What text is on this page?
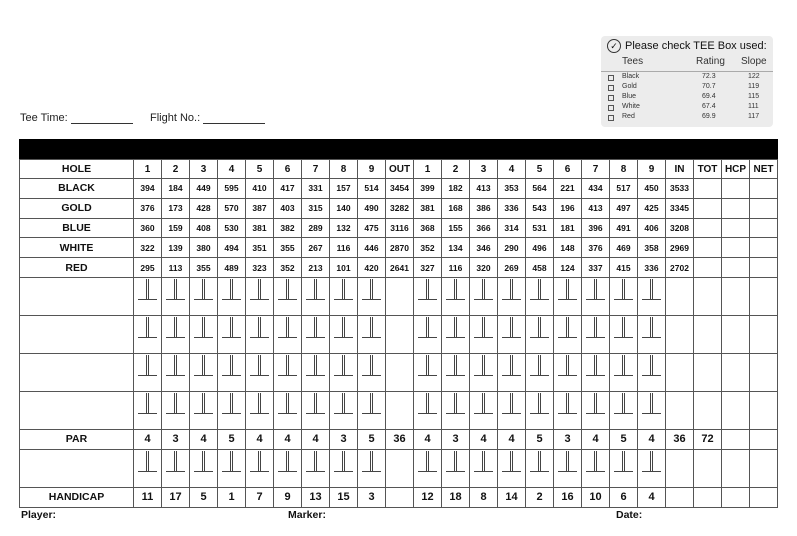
Tee Time:	Flight No.:
✓ Please check TEE Box used:
Tees	Rating Slope
Black	72.3	122
Gold	70.7	119
Blue	69.4	115
White	67.4	111
Red	69.9	117
HOLE	1	2	3	4	5	6	7	8	9	OUT	1	2	3	4	5	6	7	8	9	IN	TOT	HCP	NET
BLACK	394	184	449	595	410	417	331	157	514	3454	399	182	413	353	564	221	434	517	450	3533			
GOLD	376	173	428	570	387	403	315	140	490	3282	381	168	386	336	543	196	413	497	425	3345			
BLUE	360	159	408	530	381	382	289	132	475	3116	368	155	366	314	531	181	396	491	406	3208			
WHITE	322	139	380	494	351	355	267	116	446	2870	352	134	346	290	496	148	376	469	358	2969			
RED	295	113	355	489	323	352	213	101	420	2641	327	116	320	269	458	124	337	415	336	2702			

PAR	4	3	4	5	4	4	4	3	5	36	4	3	4	4	5	3	4	5	4	36	72		

HANDICAP	11	17	5	1	7	9	13	15	3		12	18	8	14	2	16	10	6	4				
Player:	Marker:	Date:
